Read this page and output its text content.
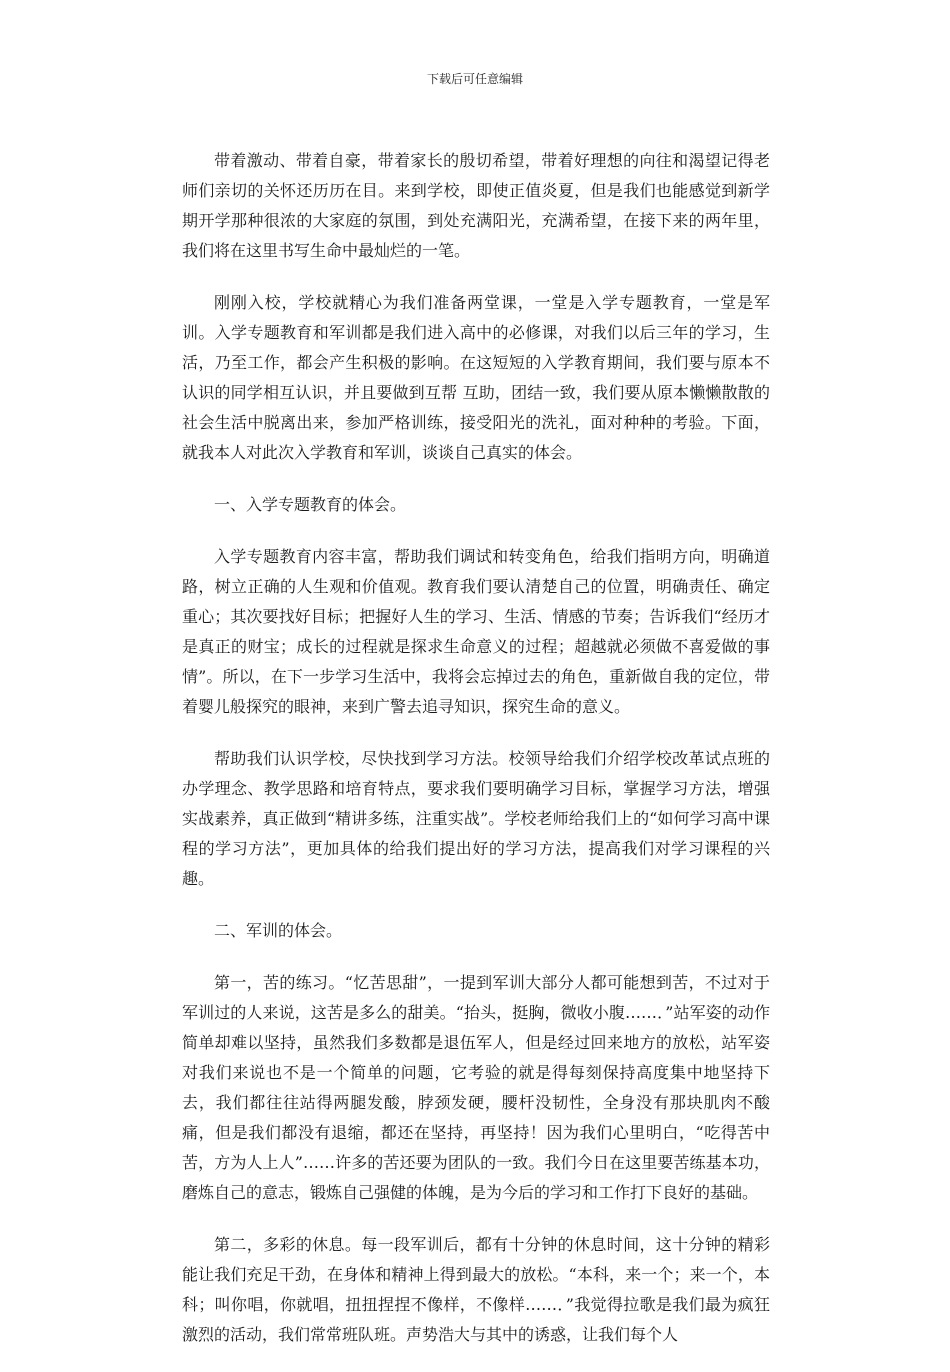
下载后可任意编辑

带着激动、带着自豪，带着家长的殷切希望，带着好理想的向往和渴望记得老师们亲切的关怀还历历在目。来到学校，即使正值炎夏，但是我们也能感觉到新学期开学那种很浓的大家庭的氛围，到处充满阳光，充满希望，在接下来的两年里，我们将在这里书写生命中最灿烂的一笔。

刚刚入校，学校就精心为我们准备两堂课，一堂是入学专题教育，一堂是军训。入学专题教育和军训都是我们进入高中的必修课，对我们以后三年的学习，生活，乃至工作，都会产生积极的影响。在这短短的入学教育期间，我们要与原本不认识的同学相互认识，并且要做到互帮 互助，团结一致，我们要从原本懒懒散散的社会生活中脱离出来，参加严格训练，接受阳光的洗礼，面对种种的考验。下面，就我本人对此次入学教育和军训，谈谈自己真实的体会。

一、入学专题教育的体会。

入学专题教育内容丰富，帮助我们调试和转变角色，给我们指明方向，明确道路，树立正确的人生观和价值观。教育我们要认清楚自己的位置，明确责任、确定重心；其次要找好目标；把握好人生的学习、生活、情感的节奏；告诉我们“经历才是真正的财宝；成长的过程就是探求生命意义的过程；超越就必须做不喜爱做的事情”。所以，在下一步学习生活中，我将会忘掉过去的角色，重新做自我的定位，带着婴儿般探究的眼神，来到广警去追寻知识，探究生命的意义。

帮助我们认识学校，尽快找到学习方法。校领导给我们介绍学校改革试点班的办学理念、教学思路和培育特点，要求我们要明确学习目标，掌握学习方法，增强实战素养，真正做到“精讲多练，注重实战”。学校老师给我们上的“如何学习高中课程的学习方法”，更加具体的给我们提出好的学习方法，提高我们对学习课程的兴趣。

二、军训的体会。

第一，苦的练习。“忆苦思甜”，一提到军训大部分人都可能想到苦，不过对于军训过的人来说，这苦是多么的甜美。“抬头，挺胸，微收小腹……．”站军姿的动作简单却难以坚持，虽然我们多数都是退伍军人，但是经过回来地方的放松，站军姿对我们来说也不是一个简单的问题，它考验的就是得每刻保持高度集中地坚持下去，我们都往往站得两腿发酸，脖颈发硬，腰杆没韧性，全身没有那块肌肉不酸痛，但是我们都没有退缩，都还在坚持，再坚持！因为我们心里明白，“吃得苦中苦，方为人上人”……许多的苦还要为团队的一致。我们今日在这里要苦练基本功，磨炼自己的意志，锻炼自己强健的体魄，是为今后的学习和工作打下良好的基础。

第二，多彩的休息。每一段军训后，都有十分钟的休息时间，这十分钟的精彩能让我们充足干劲，在身体和精神上得到最大的放松。“本科，来一个；来一个，本科；叫你唱，你就唱，扭扭捏捏不像样，不像样……．”我觉得拉歌是我们最为疯狂激烈的活动，我们常常班队班。声势浩大与其中的诱惑，让我们每个人
